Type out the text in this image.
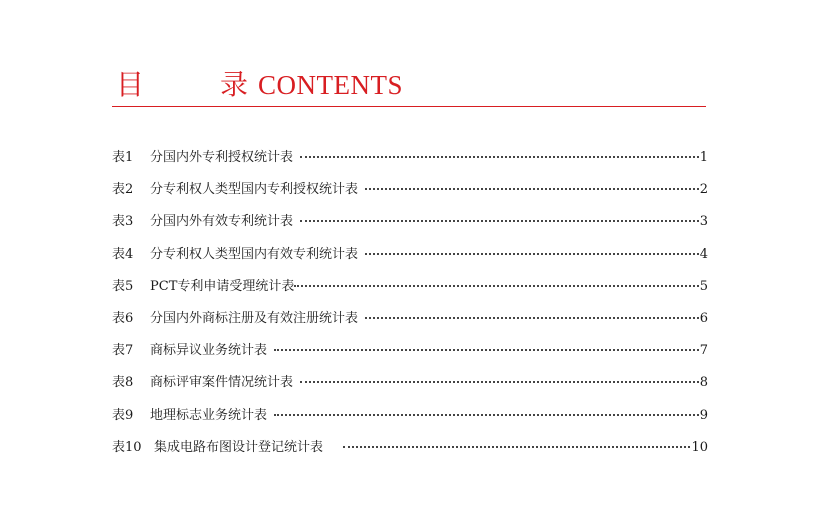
目	录 CONTENTS
表1	分国内外专利授权统计表	1
表2	分专利权人类型国内专利授权统计表	2
表3	分国内外有效专利统计表	3
表4	分专利权人类型国内有效专利统计表	4
表5	PCT专利申请受理统计表	5
表6	分国内外商标注册及有效注册统计表	6
表7	商标异议业务统计表	7
表8	商标评审案件情况统计表	8
表9	地理标志业务统计表	9
表10 集成电路布图设计登记统计表	10
